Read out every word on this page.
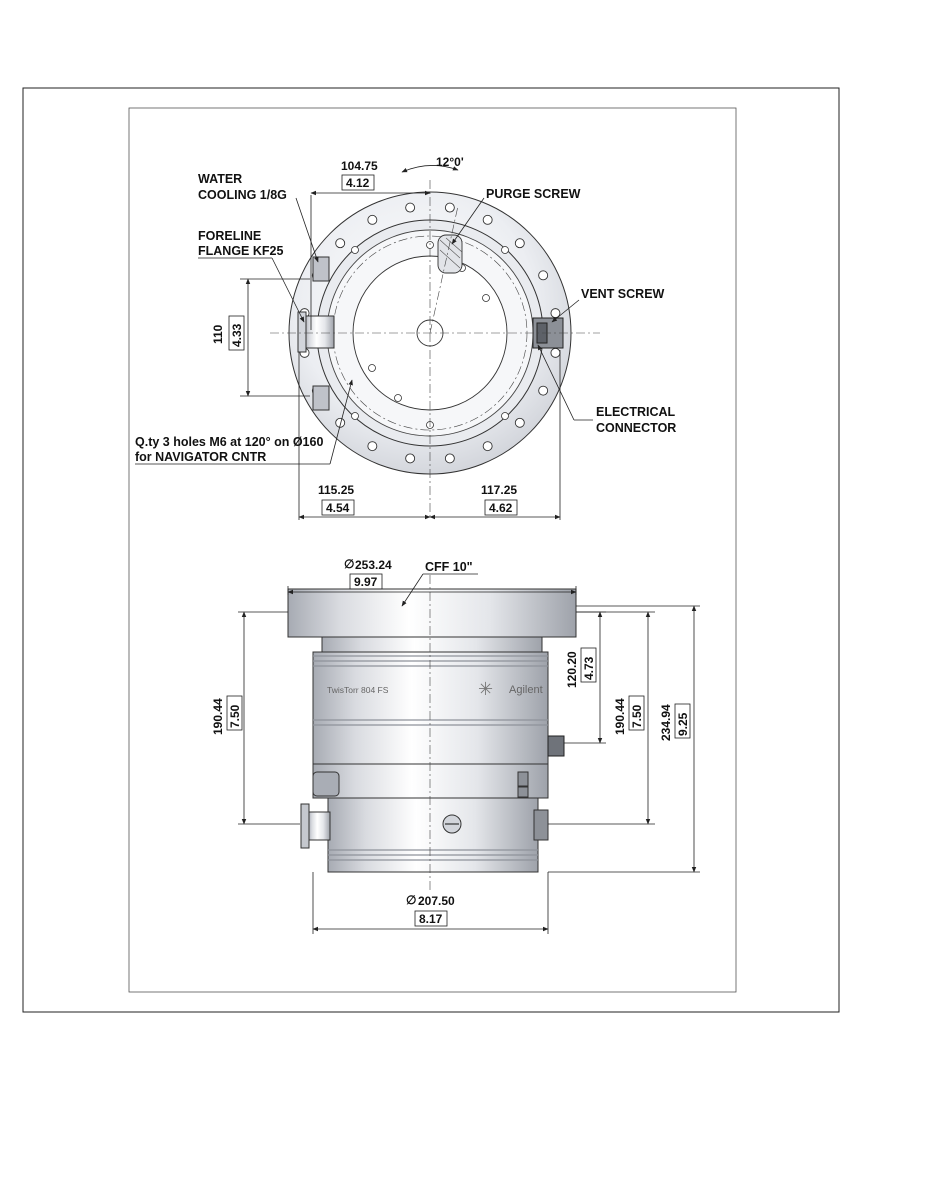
104.75
4.12
12°0'
110 4.33
115.25
4.54
117.25
4.62
WATER
COOLING 1/8G
FORELINE
FLANGE KF25
PURGE SCREW
VENT SCREW
ELECTRICAL
CONNECTOR
Q.ty 3 holes M6 at 120° on Ø160
for NAVIGATOR CNTR
✳ Agilent
TwisTorr 804 FS
∅ 253.24
9.97
CFF 10"
190.44 7.50
120.20 4.73
190.44 7.50 234.94 9.25
∅ 207.50
8.17
